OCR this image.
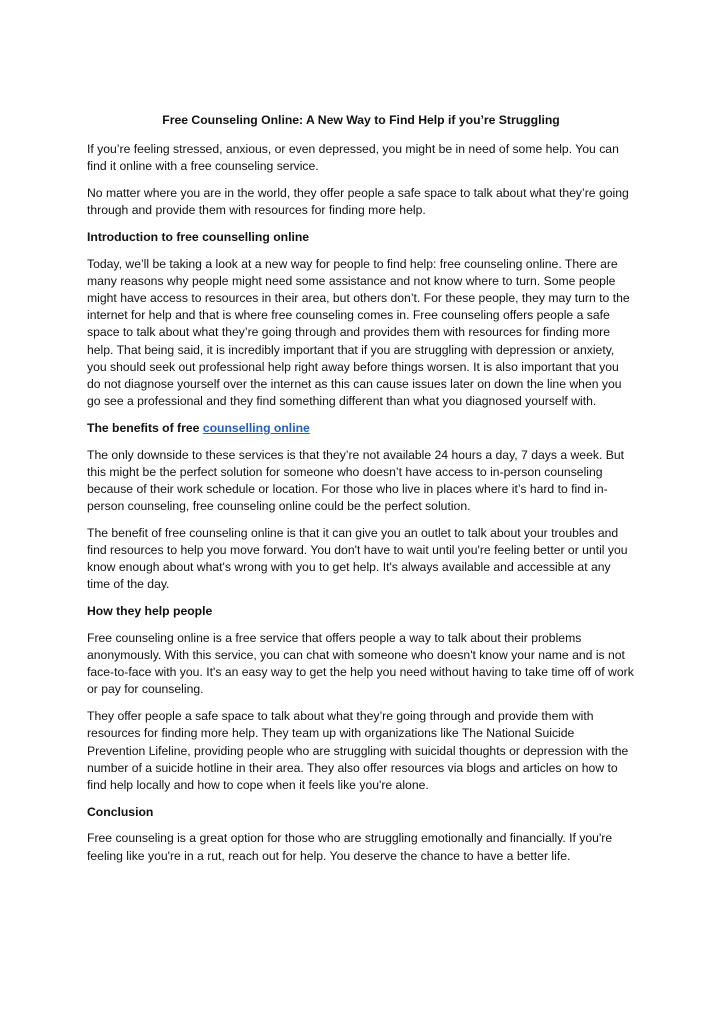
Free Counseling Online: A New Way to Find Help if you’re Struggling

If you’re feeling stressed, anxious, or even depressed, you might be in need of some help. You can find it online with a free counseling service.

No matter where you are in the world, they offer people a safe space to talk about what they’re going through and provide them with resources for finding more help.

Introduction to free counselling online

Today, we’ll be taking a look at a new way for people to find help: free counseling online. There are many reasons why people might need some assistance and not know where to turn. Some people might have access to resources in their area, but others don’t. For these people, they may turn to the internet for help and that is where free counseling comes in. Free counseling offers people a safe space to talk about what they’re going through and provides them with resources for finding more help. That being said, it is incredibly important that if you are struggling with depression or anxiety, you should seek out professional help right away before things worsen. It is also important that you do not diagnose yourself over the internet as this can cause issues later on down the line when you go see a professional and they find something different than what you diagnosed yourself with.

The benefits of free counselling online

The only downside to these services is that they’re not available 24 hours a day, 7 days a week. But this might be the perfect solution for someone who doesn’t have access to in-person counseling because of their work schedule or location. For those who live in places where it’s hard to find in-person counseling, free counseling online could be the perfect solution.

The benefit of free counseling online is that it can give you an outlet to talk about your troubles and find resources to help you move forward. You don't have to wait until you're feeling better or until you know enough about what's wrong with you to get help. It's always available and accessible at any time of the day.

How they help people

Free counseling online is a free service that offers people a way to talk about their problems anonymously. With this service, you can chat with someone who doesn't know your name and is not face-to-face with you. It's an easy way to get the help you need without having to take time off of work or pay for counseling.

They offer people a safe space to talk about what they’re going through and provide them with resources for finding more help. They team up with organizations like The National Suicide Prevention Lifeline, providing people who are struggling with suicidal thoughts or depression with the number of a suicide hotline in their area. They also offer resources via blogs and articles on how to find help locally and how to cope when it feels like you're alone.

Conclusion

Free counseling is a great option for those who are struggling emotionally and financially. If you're feeling like you're in a rut, reach out for help. You deserve the chance to have a better life.
